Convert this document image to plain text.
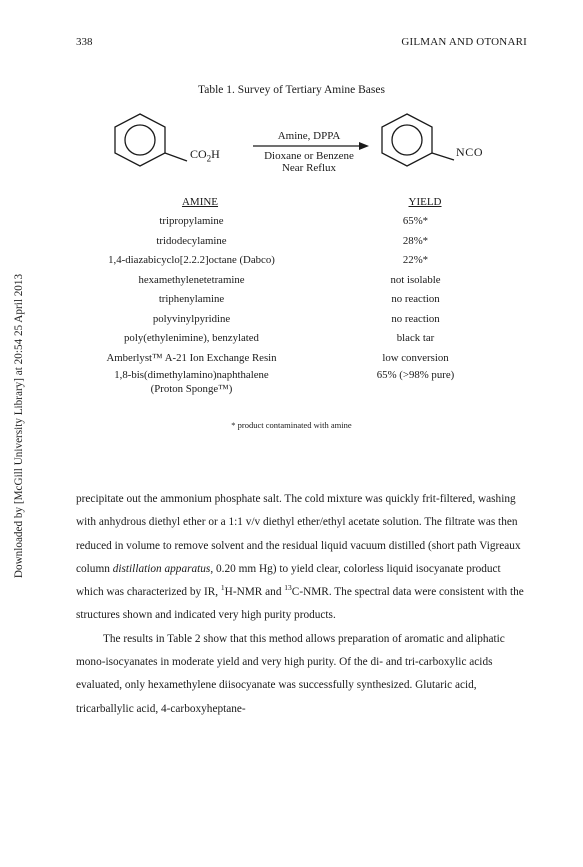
338	GILMAN AND OTONARI
Downloaded by [McGill University Library] at 20:54 25 April 2013
Table 1. Survey of Tertiary Amine Bases
$CO_2H$	NCO
Amine, DPPA
Dioxane or Benzene
Near Reflux
AMINE	YIELD
tripropylamine	65%*
tridodecylamine	28%*
1,4-diazabicyclo[2.2.2]octane (Dabco)	22%*
hexamethylenetetramine	not isolable
triphenylamine	no reaction
polyvinylpyridine	no reaction
poly(ethylenimine), benzylated	black tar
Amberlyst™ A-21 Ion Exchange Resin	low conversion
1,8-bis(dimethylamino)naphthalene	65% (>98% pure)
(Proton Sponge™)
* product contaminated with amine

precipitate out the ammonium phosphate salt. The cold mixture was quickly frit-filtered, washing with anhydrous diethyl ether or a 1:1 v/v diethyl ether/ethyl acetate solution. The filtrate was then reduced in volume to remove solvent and the residual liquid vacuum distilled (short path Vigreaux column distillation apparatus, 0.20 mm Hg) to yield clear, colorless liquid isocyanate product which was characterized by IR, $^1$H-NMR and $^{13}$C-NMR. The spectral data were consistent with the structures shown and indicated very high purity products.

The results in Table 2 show that this method allows preparation of aromatic and aliphatic mono-isocyanates in moderate yield and very high purity. Of the di- and tri-carboxylic acids evaluated, only hexamethylene diisocyanate was successfully synthesized. Glutaric acid, tricarballylic acid, 4-carboxyheptane-
